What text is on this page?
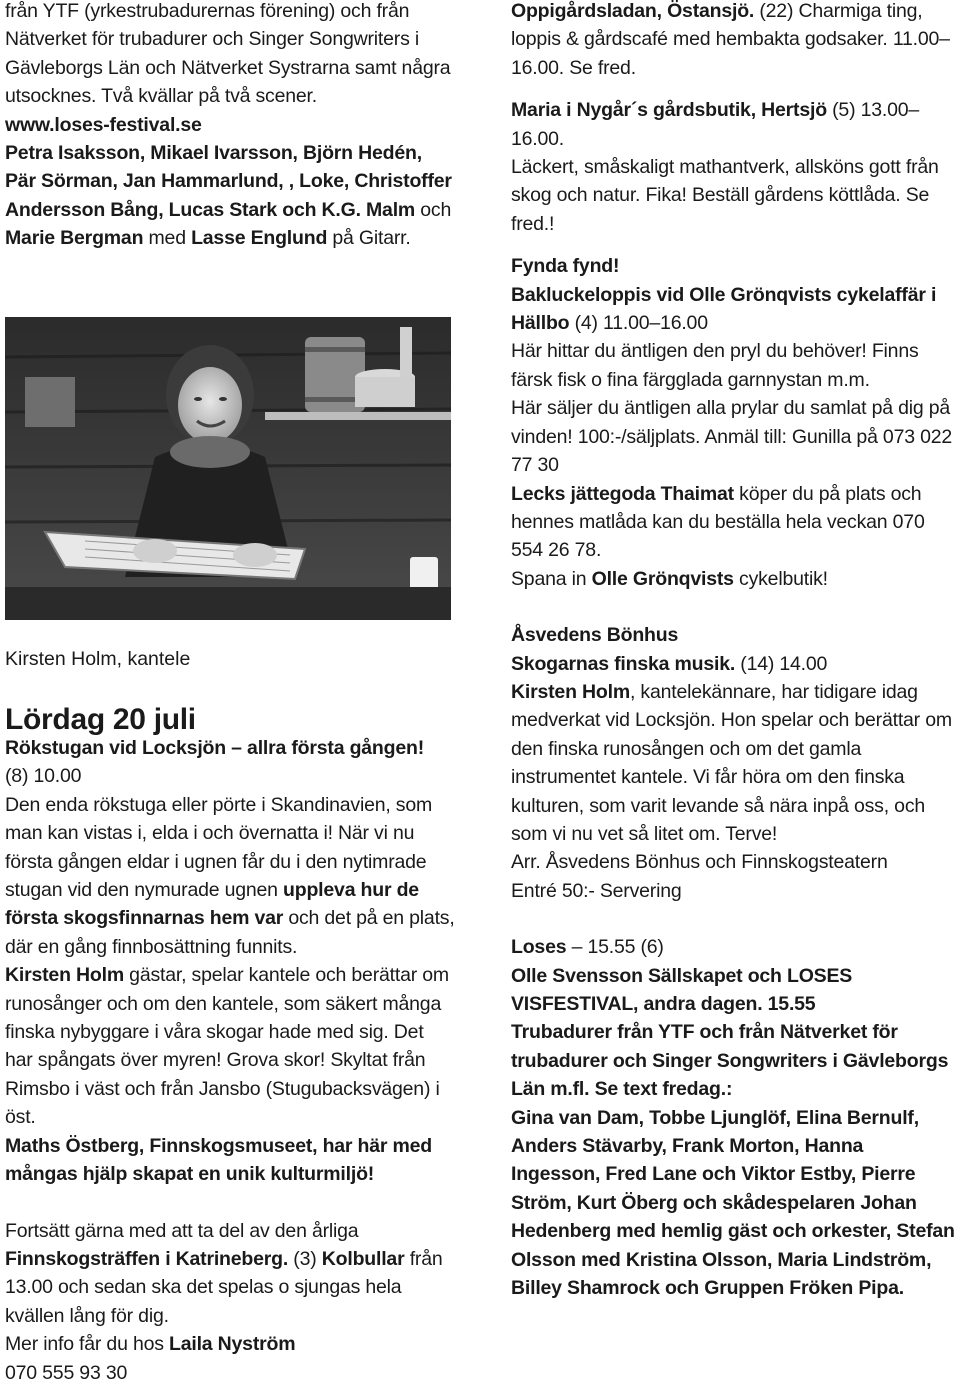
från YTF (yrkestrubadurernas förening) och från Nätverket för trubadurer och Singer Songwriters i Gävleborgs Län och Nätverket Systrarna samt några utsocknes. Två kvällar på två scener.

www.loses-festival.se

Petra Isaksson, Mikael Ivarsson, Björn Hedén, Pär Sörman, Jan Hammarlund, , Loke, Christoffer Andersson Bång, Lucas Stark och K.G. Malm och Marie Bergman med Lasse Englund på Gitarr.

Kirsten Holm, kantele

Lördag 20 juli

Rökstugan vid Locksjön – allra första gången!

(8) 10.00

Den enda rökstuga eller pörte i Skandinavien, som man kan vistas i, elda i och övernatta i! När vi nu första gången eldar i ugnen får du i den nytimrade stugan vid den nymurade ugnen uppleva hur de första skogsfinnarnas hem var och det på en plats, där en gång finnbosättning funnits.

Kirsten Holm gästar, spelar kantele och berättar om runosånger och om den kantele, som säkert många finska nybyggare i våra skogar hade med sig. Det har spångats över myren! Grova skor! Skyltat från Rimsbo i väst och från Jansbo (Stugubacksvägen) i öst.

Maths Östberg, Finnskogsmuseet, har här med mångas hjälp skapat en unik kulturmiljö!

Fortsätt gärna med att ta del av den årliga Finnskogsträffen i Katrineberg. (3) Kolbullar från 13.00 och sedan ska det spelas o sjungas hela kvällen lång för dig.

Mer info får du hos Laila Nyström

070 555 93 30

Oppigårdsladan, Östansjö. (22) Charmiga ting, loppis & gårdscafé med hembakta godsaker. 11.00–16.00. Se fred.

Maria i Nygår´s gårdsbutik, Hertsjö (5) 13.00–16.00.

Läckert, småskaligt mathantverk, allsköns gott från skog och natur. Fika! Beställ gårdens köttlåda. Se fred.!

Fynda fynd!

Bakluckeloppis vid Olle Grönqvists cykelaffär i Hällbo (4) 11.00–16.00

Här hittar du äntligen den pryl du behöver! Finns färsk fisk o fina färgglada garnnystan m.m.

Här säljer du äntligen alla prylar du samlat på dig på vinden! 100:-/säljplats. Anmäl till: Gunilla på 073 022 77 30

Lecks jättegoda Thaimat köper du på plats och hennes matlåda kan du beställa hela veckan 070 554 26 78.

Spana in Olle Grönqvists cykelbutik!

Åsvedens Bönhus

Skogarnas finska musik. (14) 14.00

Kirsten Holm, kantelekännare, har tidigare idag medverkat vid Locksjön. Hon spelar och berättar om den finska runosången och om det gamla instrumentet kantele. Vi får höra om den finska kulturen, som varit levande så nära inpå oss, och som vi nu vet så litet om. Terve!

Arr. Åsvedens Bönhus och Finnskogsteatern

Entré 50:- Servering

Loses – 15.55 (6)

Olle Svensson Sällskapet och LOSES VISFESTIVAL, andra dagen. 15.55

Trubadurer från YTF och från Nätverket för trubadurer och Singer Songwriters i Gävleborgs Län m.fl. Se text fredag.:

Gina van Dam, Tobbe Ljunglöf, Elina Bernulf, Anders Stävarby, Frank Morton, Hanna Ingesson, Fred Lane och Viktor Estby, Pierre Ström, Kurt Öberg och skådespelaren Johan Hedenberg med hemlig gäst och orkester, Stefan Olsson med Kristina Olsson, Maria Lindström, Billey Shamrock och Gruppen Fröken Pipa.
